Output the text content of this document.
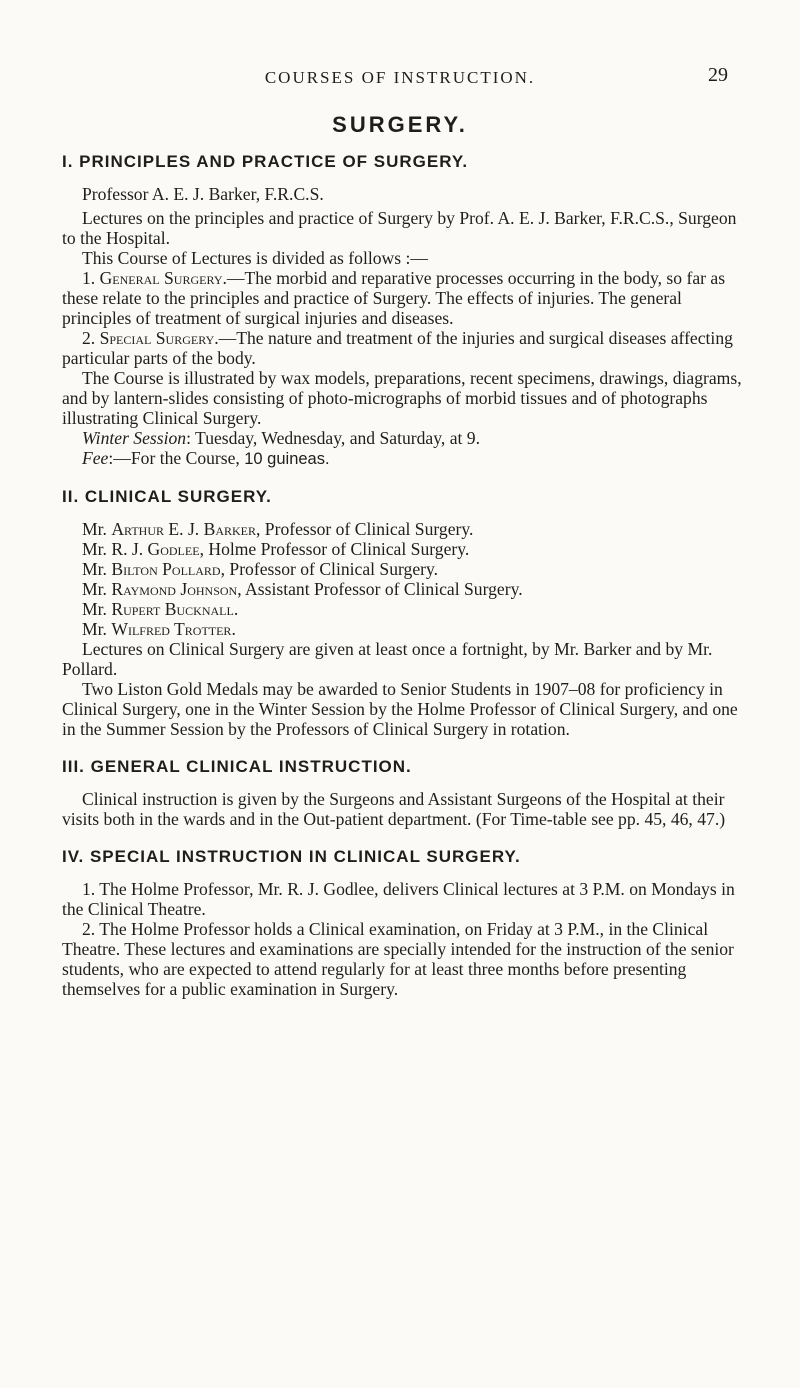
COURSES OF INSTRUCTION.	29
SURGERY.
I. PRINCIPLES AND PRACTICE OF SURGERY.

Professor A. E. J. Barker, F.R.C.S.

Lectures on the principles and practice of Surgery by Prof. A. E. J. Barker, F.R.C.S., Surgeon to the Hospital.

This Course of Lectures is divided as follows :—

1. General Surgery.—The morbid and reparative processes occurring in the body, so far as these relate to the principles and practice of Surgery. The effects of injuries. The general principles of treatment of surgical injuries and diseases.

2. Special Surgery.—The nature and treatment of the injuries and surgical diseases affecting particular parts of the body.

The Course is illustrated by wax models, preparations, recent specimens, drawings, diagrams, and by lantern-slides consisting of photo-micrographs of morbid tissues and of photographs illustrating Clinical Surgery.

Winter Session: Tuesday, Wednesday, and Saturday, at 9.

Fee:—For the Course, 10 guineas.

II. CLINICAL SURGERY.

Mr. Arthur E. J. Barker, Professor of Clinical Surgery.

Mr. R. J. Godlee, Holme Professor of Clinical Surgery.

Mr. Bilton Pollard, Professor of Clinical Surgery.

Mr. Raymond Johnson, Assistant Professor of Clinical Surgery.

Mr. Rupert Bucknall.

Mr. Wilfred Trotter.

Lectures on Clinical Surgery are given at least once a fortnight, by Mr. Barker and by Mr. Pollard.

Two Liston Gold Medals may be awarded to Senior Students in 1907–08 for proficiency in Clinical Surgery, one in the Winter Session by the Holme Professor of Clinical Surgery, and one in the Summer Session by the Professors of Clinical Surgery in rotation.

III. GENERAL CLINICAL INSTRUCTION.

Clinical instruction is given by the Surgeons and Assistant Surgeons of the Hospital at their visits both in the wards and in the Out-patient department. (For Time-table see pp. 45, 46, 47.)

IV. SPECIAL INSTRUCTION IN CLINICAL SURGERY.

1. The Holme Professor, Mr. R. J. Godlee, delivers Clinical lectures at 3 P.M. on Mondays in the Clinical Theatre.

2. The Holme Professor holds a Clinical examination, on Friday at 3 P.M., in the Clinical Theatre. These lectures and examinations are specially intended for the instruction of the senior students, who are expected to attend regularly for at least three months before presenting themselves for a public examination in Surgery.
